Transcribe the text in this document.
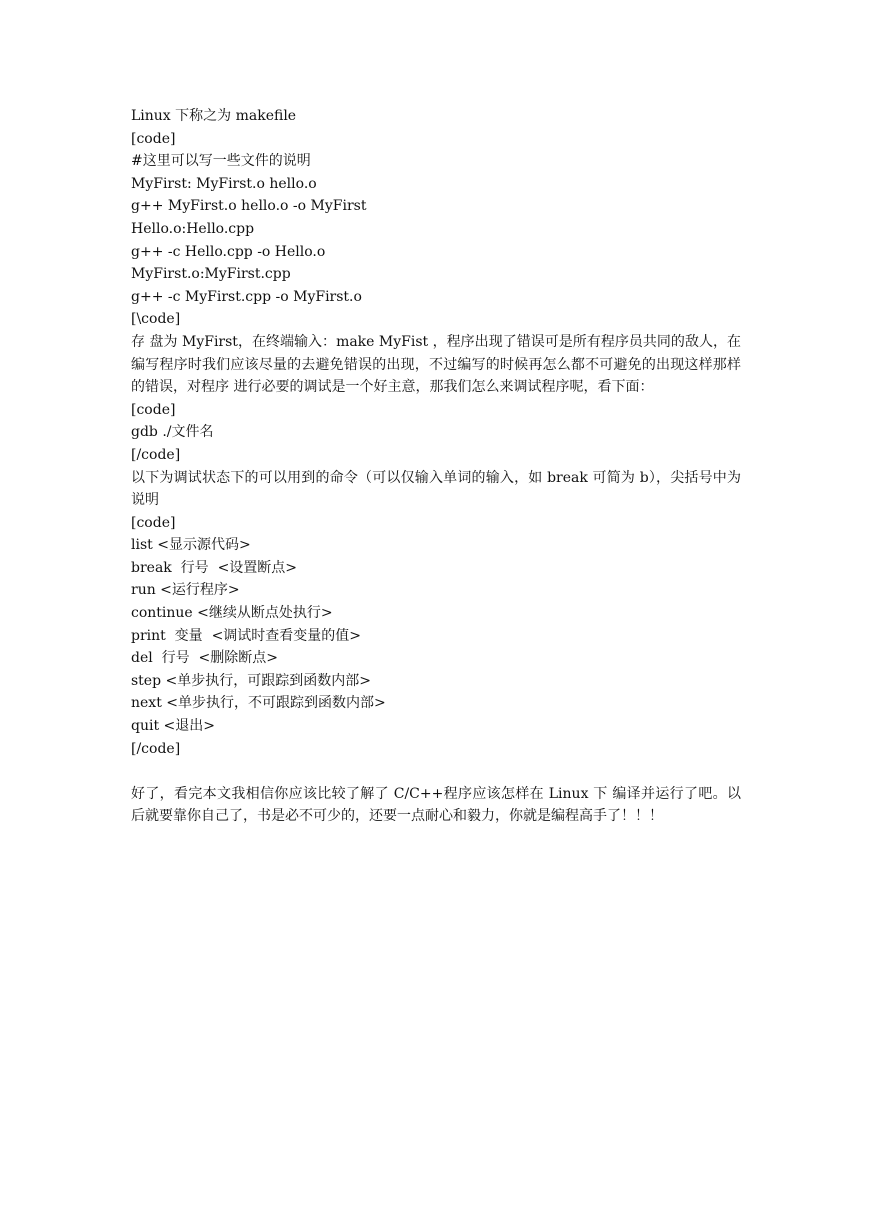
Linux 下称之为 makefile
[code]
#这里可以写一些文件的说明
MyFirst: MyFirst.o hello.o
g++ MyFirst.o hello.o -o MyFirst
Hello.o:Hello.cpp
g++ -c Hello.cpp -o Hello.o
MyFirst.o:MyFirst.cpp
g++ -c MyFirst.cpp -o MyFirst.o
[\code]
存 盘为 MyFirst，在终端输入：make MyFist ，程序出现了错误可是所有程序员共同的敌人，在编写程序时我们应该尽量的去避免错误的出现，不过编写的时候再怎么都不可避免的出现这样那样的错误，对程序 进行必要的调试是一个好主意，那我们怎么来调试程序呢，看下面：
[code]
gdb ./文件名
[/code]
以下为调试状态下的可以用到的命令（可以仅输入单词的输入，如 break 可简为 b），尖括号中为说明
[code]
list <显示源代码>
break  行号  <设置断点>
run <运行程序>
continue <继续从断点处执行>
print  变量  <调试时查看变量的值>
del  行号  <删除断点>
step <单步执行，可跟踪到函数内部>
next <单步执行，不可跟踪到函数内部>
quit <退出>
[/code]
好了，看完本文我相信你应该比较了解了 C/C++程序应该怎样在 Linux 下 编译并运行了吧。以后就要靠你自己了，书是必不可少的，还要一点耐心和毅力，你就是编程高手了！！！
